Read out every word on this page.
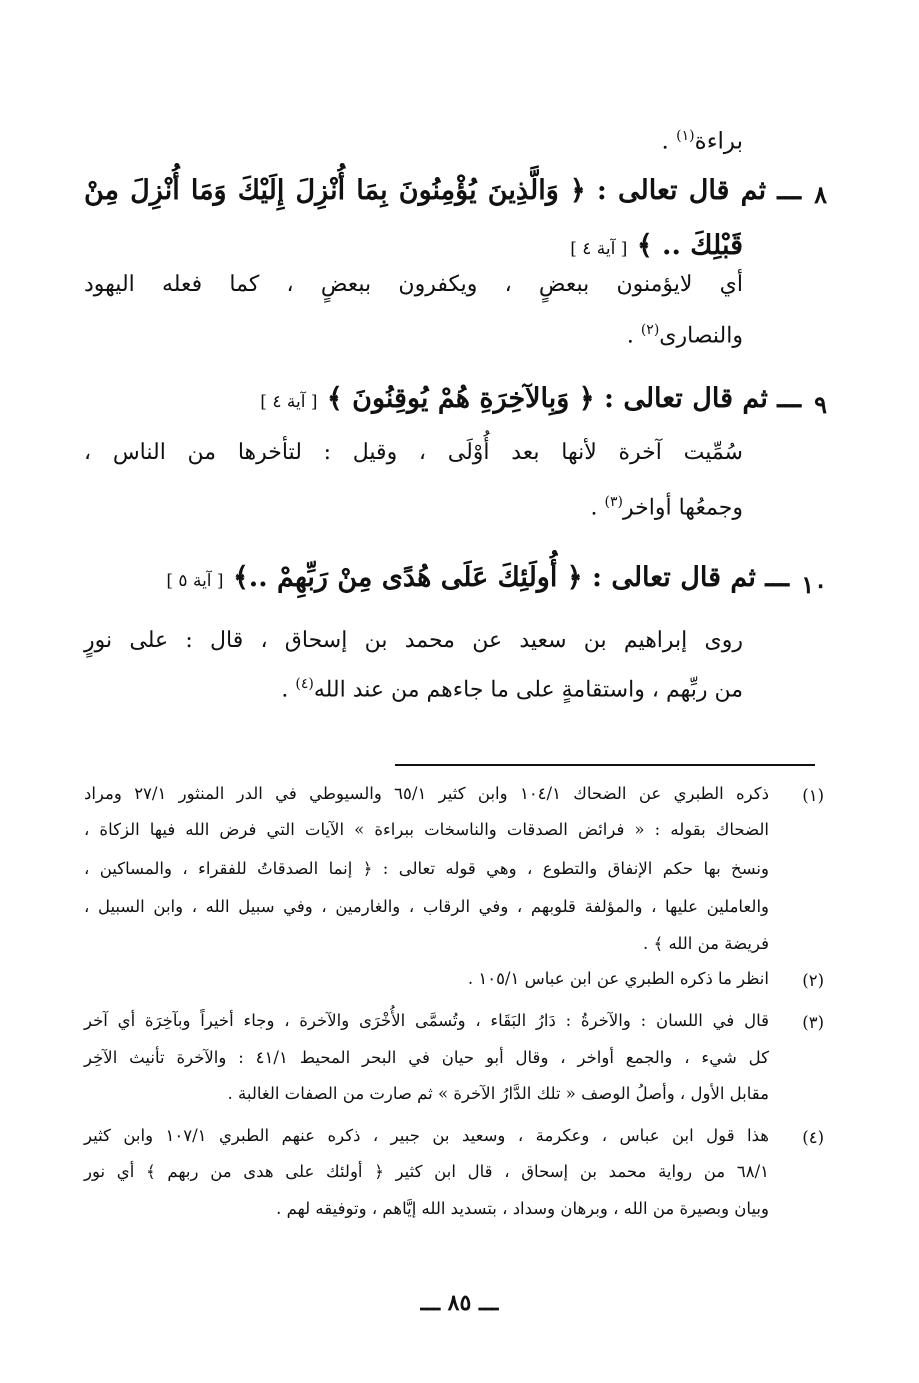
براءة$^{(١)}$ .
٨
ـــ ثم قال تعالى : ﴿ وَالَّذِينَ يُؤْمِنُونَ بِمَا أُنْزِلَ إِلَيْكَ وَمَا أُنْزِلَ مِنْ
قَبْلِكَ .. ﴾ [ آية ٤ ]
أي لايؤمنون ببعضٍ ، ويكفرون ببعضٍ ، كما فعله اليهود
والنصارى$^{(٢)}$ .
٩
ـــ ثم قال تعالى : ﴿ وَبِالآخِرَةِ هُمْ يُوقِنُونَ ﴾ [ آية ٤ ]
سُمِّيت آخرة لأنها بعد أُوْلَى ، وقيل : لتأخرها من الناس ،
وجمعُها أواخر$^{(٣)}$ .
١٠
ـــ ثم قال تعالى : ﴿ أُولَئِكَ عَلَى هُدًى مِنْ رَبِّهِمْ ..﴾ [ آية ٥ ]
روى إبراهيم بن سعيد عن محمد بن إسحاق ، قال : على نورٍ
من ربِّهم ، واستقامةٍ على ما جاءهم من عند الله$^{(٤)}$ .
(١)
ذكره الطبري عن الضحاك ١٠٤/١ وابن كثير ٦٥/١ والسيوطي في الدر المنثور ٢٧/١ ومراد
الضحاك بقوله : « فرائض الصدقات والناسخات ببراءة » الآيات التي فرض الله فيها الزكاة ،
ونسخ بها حكم الإنفاق والتطوع ، وهي قوله تعالى : ﴿ إنما الصدقاتُ للفقراء ، والمساكين ،
والعاملين عليها ، والمؤلفة قلوبهم ، وفي الرقاب ، والغارمين ، وفي سبيل الله ، وابن السبيل ،
فريضة من الله ﴾ .
(٢)
انظر ما ذكره الطبري عن ابن عباس ١٠٥/١ .
(٣)
قال في اللسان : والآخرةُ : دَارُ البَقَاء ، وتُسمَّى الأُخْرَى والآخرة ، وجاء أخيراً وبآخِرَة أي آخر
كل شيء ، والجمع أواخر ، وقال أبو حيان في البحر المحيط ٤١/١ : والآخرة تأنيث الآخِر
مقابل الأول ، وأصلُ الوصف « تلك الدَّارُ الآخرة » ثم صارت من الصفات الغالبة .
(٤)
هذا قول ابن عباس ، وعكرمة ، وسعيد بن جبير ، ذكره عنهم الطبري ١٠٧/١ وابن كثير
٦٨/١ من رواية محمد بن إسحاق ، قال ابن كثير ﴿ أولئك على هدى من ربهم ﴾ أي نور
وبيان وبصيرة من الله ، وبرهان وسداد ، بتسديد الله إيَّاهم ، وتوفيقه لهم .
ـــ ٨٥ ـــ
